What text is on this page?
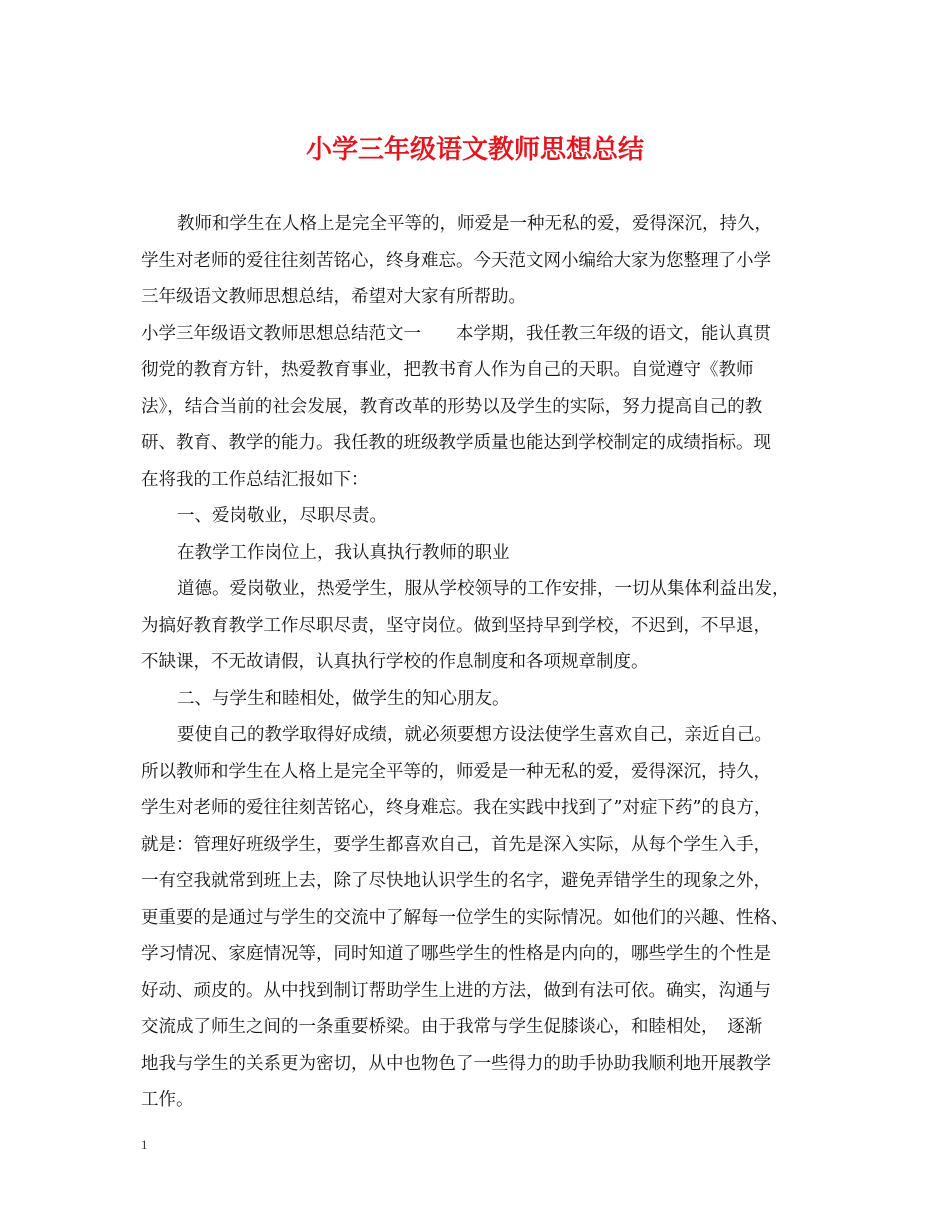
小学三年级语文教师思想总结
教师和学生在人格上是完全平等的，师爱是一种无私的爱，爱得深沉，持久，
学生对老师的爱往往刻苦铭心，终身难忘。今天范文网小编给大家为您整理了小学
三年级语文教师思想总结，希望对大家有所帮助。
小学三年级语文教师思想总结范文一　　本学期，我任教三年级的语文，能认真贯
彻党的教育方针，热爱教育事业，把教书育人作为自己的天职。自觉遵守《教师
法》，结合当前的社会发展，教育改革的形势以及学生的实际，努力提高自己的教
研、教育、教学的能力。我任教的班级教学质量也能达到学校制定的成绩指标。现
在将我的工作总结汇报如下：
一、爱岗敬业，尽职尽责。
在教学工作岗位上，我认真执行教师的职业
道德。爱岗敬业，热爱学生，服从学校领导的工作安排，一切从集体利益出发，
为搞好教育教学工作尽职尽责，坚守岗位。做到坚持早到学校，不迟到，不早退，
不缺课，不无故请假，认真执行学校的作息制度和各项规章制度。
二、与学生和睦相处，做学生的知心朋友。
要使自己的教学取得好成绩，就必须要想方设法使学生喜欢自己，亲近自己。
所以教师和学生在人格上是完全平等的，师爱是一种无私的爱，爱得深沉，持久，
学生对老师的爱往往刻苦铭心，终身难忘。我在实践中找到了”对症下药”的良方，
就是：管理好班级学生，要学生都喜欢自己，首先是深入实际，从每个学生入手，
一有空我就常到班上去，除了尽快地认识学生的名字，避免弄错学生的现象之外，
更重要的是通过与学生的交流中了解每一位学生的实际情况。如他们的兴趣、性格、
学习情况、家庭情况等，同时知道了哪些学生的性格是内向的，哪些学生的个性是
好动、顽皮的。从中找到制订帮助学生上进的方法，做到有法可依。确实，沟通与
交流成了师生之间的一条重要桥梁。由于我常与学生促膝谈心，和睦相处，　逐渐
地我与学生的关系更为密切，从中也物色了一些得力的助手协助我顺利地开展教学
工作。
1
